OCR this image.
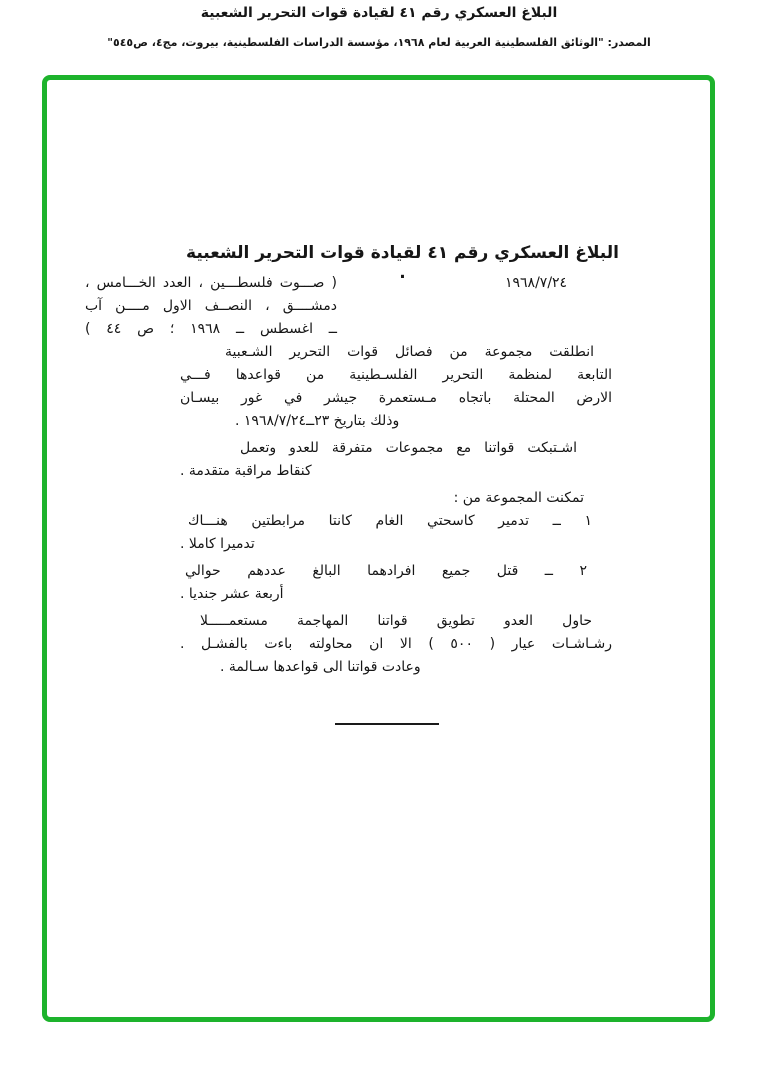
البلاغ العسكري رقم ٤١ لقيادة قوات التحرير الشعبية
المصدر: "الوثائق الفلسطينية العربية لعام ١٩٦٨، مؤسسة الدراسات الفلسطينية، بيروت، مج٤، ص٥٤٥"
البلاغ العسكري رقم ٤١ لقيادة قوات التحرير الشعبية .	١٩٦٨/٧/٢٤
( صـــوت فلسطـــين ، العدد الخـــامس ،
دمشــــق ، النصــف الاول مــــن آب
ــ اغسطس ــ ١٩٦٨ ؛ ص ٤٤ )
انطلقت مجموعة من فصائل قوات التحرير الشـعبية
التابعة لمنظمة التحرير الفلسـطينية من قواعدها فـــي
الارض المحتلة باتجاه مـستعمرة جيشر في غور بيسـان
وذلك بتاريخ ٢٣ــ١٩٦٨/٧/٢٤ .
اشـتبكت قواتنا مع مجموعات متفرقة للعدو وتعمل
كنقاط مراقبة متقدمة .
تمكنت المجموعة من :
١ ــ تدمير كاسحتي الغام كانتا مرابطتين هنـــاك
تدميرا كاملا .
٢ ــ قتل جميع افرادهما البالغ عددهم حوالي
أربعة عشر جنديا .
حاول العدو تطويق قواتنا المهاجمة مستعمـــــلا
رشـاشـات عيار ( ٥٠٠ ) الا ان محاولته باءت بالفشـل .
وعادت قواتنا الى قواعدها سـالمة .
